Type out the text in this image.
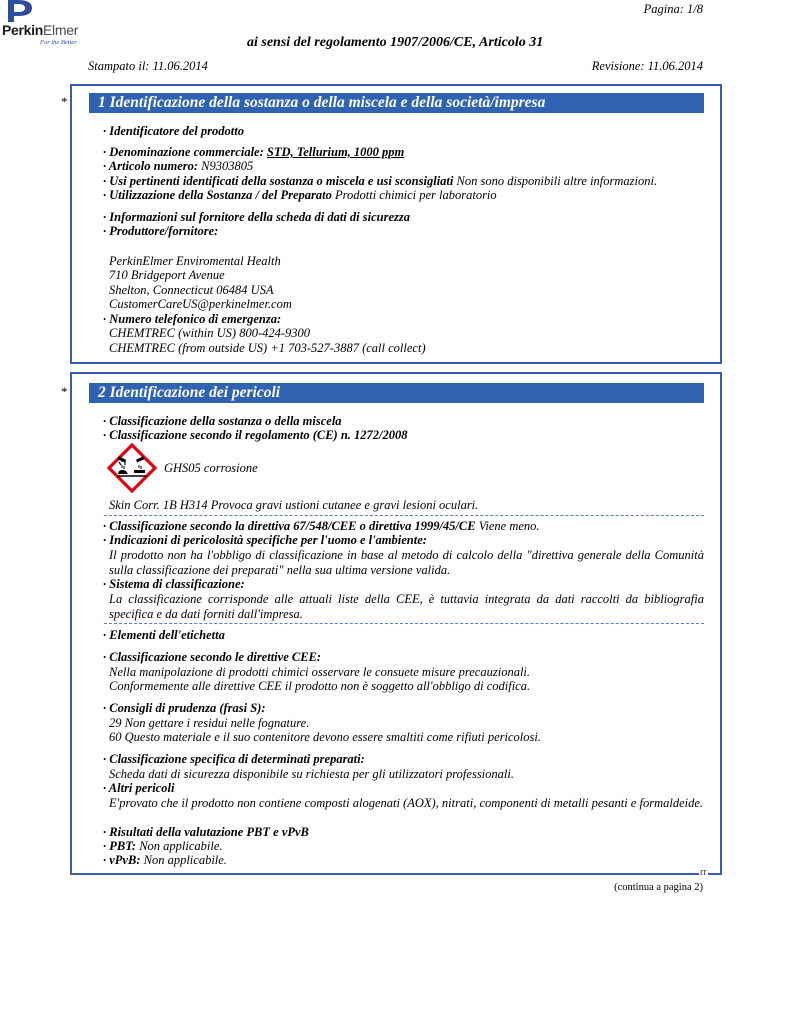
PerkinElmer
For the Better
Pagina: 1/8
ai sensi del regolamento 1907/2006/CE, Articolo 31
Stampato il: 11.06.2014	Revisione: 11.06.2014
*	1 Identificazione della sostanza o della miscela e della società/impresa
· Identificatore del prodotto
· Denominazione commerciale: STD, Tellurium, 1000 ppm
· Articolo numero: N9303805
· Usi pertinenti identificati della sostanza o miscela e usi sconsigliati Non sono disponibili altre informazioni.
· Utilizzazione della Sostanza / del Preparato Prodotti chimici per laboratorio
· Informazioni sul fornitore della scheda di dati di sicurezza
· Produttore/fornitore:
PerkinElmer Enviromental Health
710 Bridgeport Avenue
Shelton, Connecticut 06484 USA
CustomerCareUS@perkinelmer.com
· Numero telefonico di emergenza:
CHEMTREC (within US) 800-424-9300
CHEMTREC (from outside US) +1 703-527-3887 (call collect)
*	2 Identificazione dei pericoli
· Classificazione della sostanza o della miscela
· Classificazione secondo il regolamento (CE) n. 1272/2008
GHS05 corrosione
Skin Corr. 1B H314 Provoca gravi ustioni cutanee e gravi lesioni oculari.
· Classificazione secondo la direttiva 67/548/CEE o direttiva 1999/45/CE Viene meno.
· Indicazioni di pericolosità specifiche per l'uomo e l'ambiente:
Il prodotto non ha l'obbligo di classificazione in base al metodo di calcolo della "direttiva generale della Comunità sulla classificazione dei preparati" nella sua ultima versione valida.
· Sistema di classificazione:
La classificazione corrisponde alle attuali liste della CEE, è tuttavia integrata da dati raccolti da bibliografia specifica e da dati forniti dall'impresa.
· Elementi dell'etichetta
· Classificazione secondo le direttive CEE:
Nella manipolazione di prodotti chimici osservare le consuete misure precauzionali.
Conformemente alle direttive CEE il prodotto non è soggetto all'obbligo di codifica.
· Consigli di prudenza (frasi S):
29 Non gettare i residui nelle fognature.
60 Questo materiale e il suo contenitore devono essere smaltiti come rifiuti pericolosi.
· Classificazione specifica di determinati preparati:
Scheda dati di sicurezza disponibile su richiesta per gli utilizzatori professionali.
· Altri pericoli
E'provato che il prodotto non contiene composti alogenati (AOX), nitrati, componenti di metalli pesanti e formaldeide.
· Risultati della valutazione PBT e vPvB
· PBT: Non applicabile.
· vPvB: Non applicabile.
IT
(continua a pagina 2)
